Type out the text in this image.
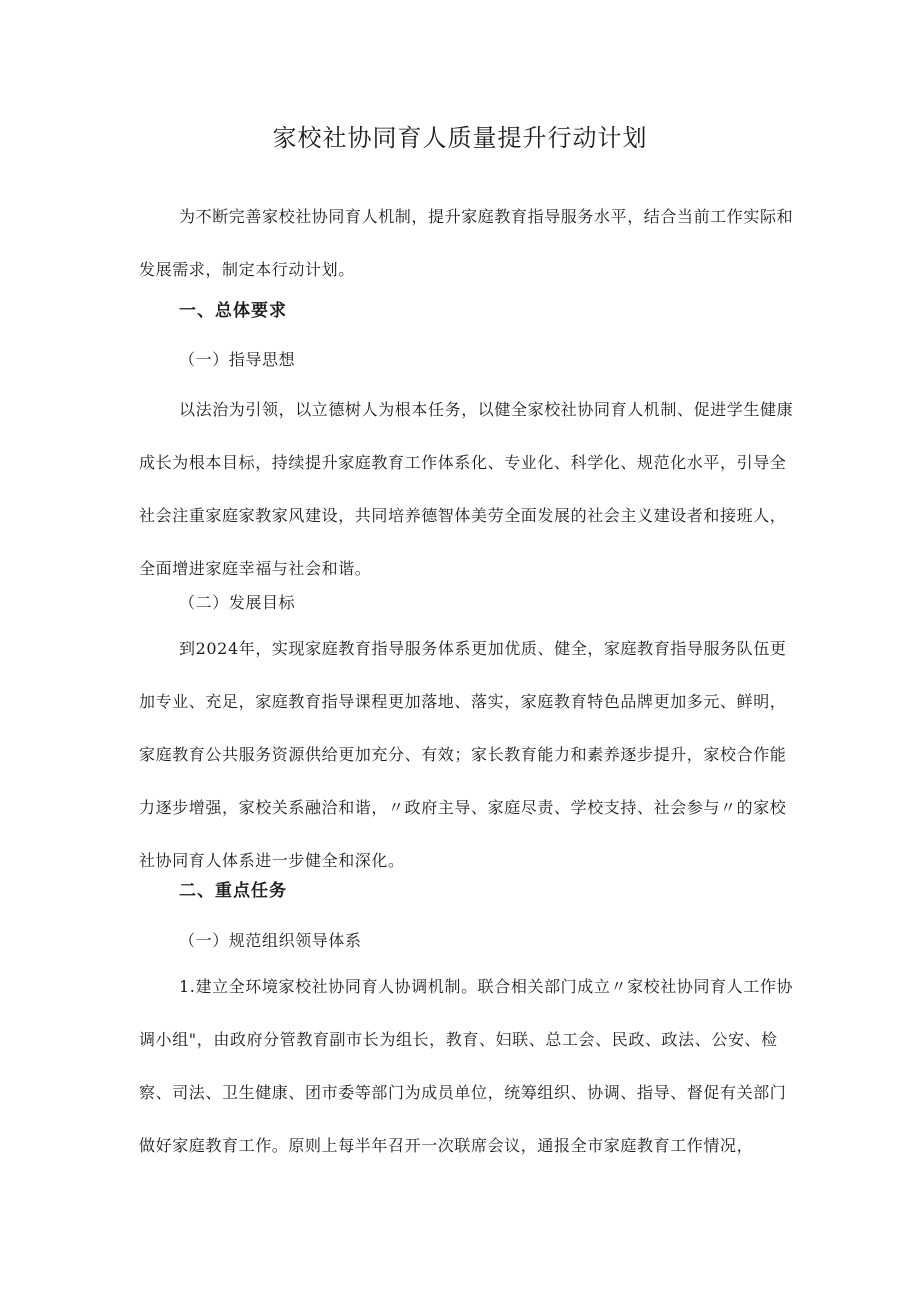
家校社协同育人质量提升行动计划

为不断完善家校社协同育人机制，提升家庭教育指导服务水平，结合当前工作实际和发展需求，制定本行动计划。

一、总体要求
（一）指导思想

以法治为引领，以立德树人为根本任务，以健全家校社协同育人机制、促进学生健康成长为根本目标，持续提升家庭教育工作体系化、专业化、科学化、规范化水平，引导全社会注重家庭家教家风建设，共同培养德智体美劳全面发展的社会主义建设者和接班人，全面增进家庭幸福与社会和谐。

（二）发展目标

到2024年，实现家庭教育指导服务体系更加优质、健全，家庭教育指导服务队伍更加专业、充足，家庭教育指导课程更加落地、落实，家庭教育特色品牌更加多元、鲜明，家庭教育公共服务资源供给更加充分、有效；家长教育能力和素养逐步提升，家校合作能力逐步增强，家校关系融洽和谐，〃政府主导、家庭尽责、学校支持、社会参与〃的家校社协同育人体系进一步健全和深化。

二、重点任务
（一）规范组织领导体系

1.建立全环境家校社协同育人协调机制。联合相关部门成立〃家校社协同育人工作协调小组"，由政府分管教育副市长为组长，教育、妇联、总工会、民政、政法、公安、检察、司法、卫生健康、团市委等部门为成员单位，统筹组织、协调、指导、督促有关部门做好家庭教育工作。原则上每半年召开一次联席会议，通报全市家庭教育工作情况，
